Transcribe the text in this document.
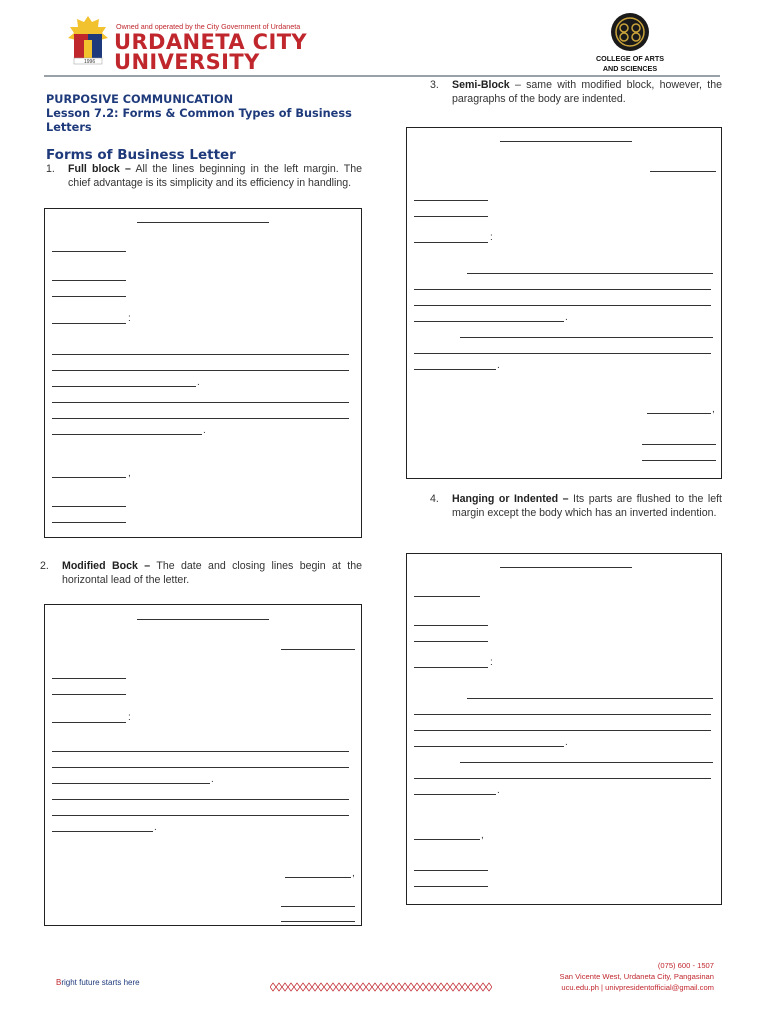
1996
Owned and operated by the City Government of Urdaneta
URDANETA CITY
UNIVERSITY	COLLEGE OF ARTS
AND SCIENCES
PURPOSIVE COMMUNICATION
Lesson 7.2: Forms & Common Types of Business Letters
Forms of Business Letter
1. Full block – All the lines beginning in the left margin. The chief advantage is its simplicity and its efficiency in handling.
:
.
.
,
2. Modified Bock – The date and closing lines begin at the horizontal lead of the letter.
:
.
.
,
3. Semi-Block – same with modified block, however, the paragraphs of the body are indented.
:
.
.
,
4. Hanging or Indented – Its parts are flushed to the left margin except the body which has an inverted indention.
:
.
.
,
Bright future starts here
(075) 600 - 1507
San Vicente West, Urdaneta City, Pangasinan
ucu.edu.ph | univpresidentofficial@gmail.com
